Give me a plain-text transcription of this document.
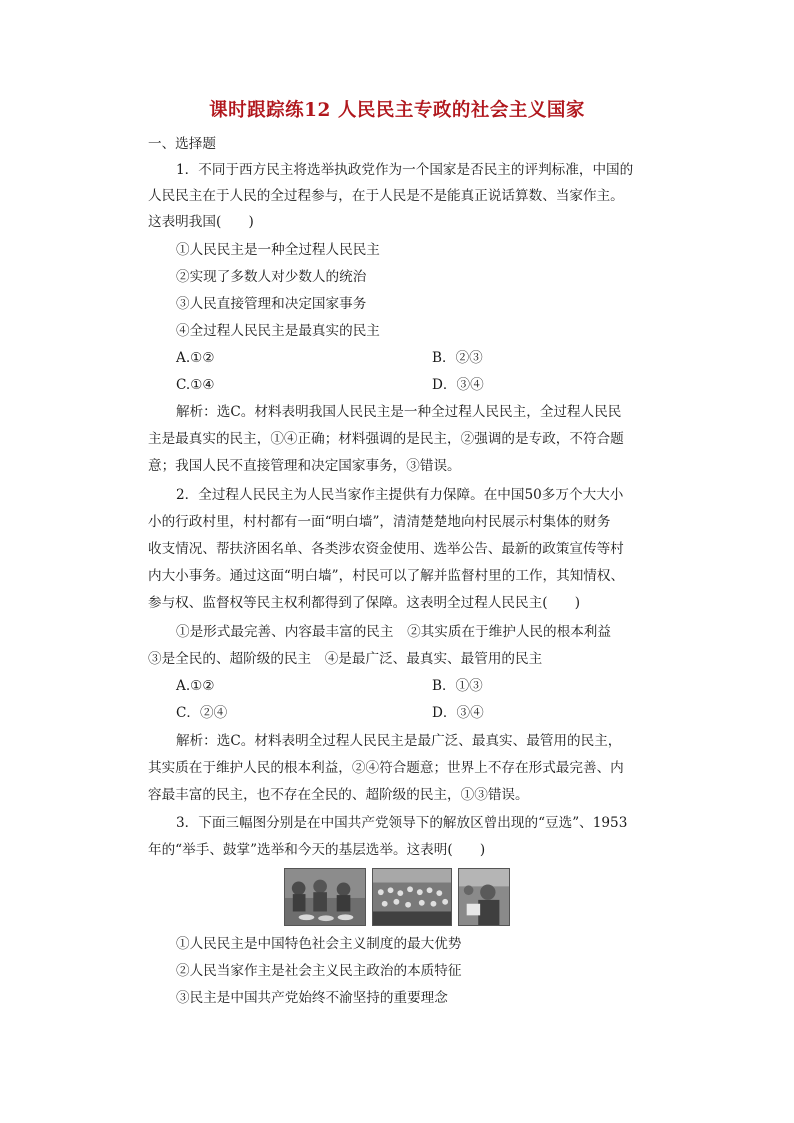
课时跟踪练12 人民民主专政的社会主义国家
一、选择题
1．不同于西方民主将选举执政党作为一个国家是否民主的评判标准，中国的
人民民主在于人民的全过程参与，在于人民是不是能真正说话算数、当家作主。
这表明我国(　　)
①人民民主是一种全过程人民民主
②实现了多数人对少数人的统治
③人民直接管理和决定国家事务
④全过程人民民主是最真实的民主
A.①②	B．②③
C.①④	D．③④
解析：选C。材料表明我国人民民主是一种全过程人民民主，全过程人民民
主是最真实的民主，①④正确；材料强调的是民主，②强调的是专政，不符合题
意；我国人民不直接管理和决定国家事务，③错误。
2．全过程人民民主为人民当家作主提供有力保障。在中国50多万个大大小
小的行政村里，村村都有一面“明白墙”，清清楚楚地向村民展示村集体的财务
收支情况、帮扶济困名单、各类涉农资金使用、选举公告、最新的政策宣传等村
内大小事务。通过这面“明白墙”，村民可以了解并监督村里的工作，其知情权、
参与权、监督权等民主权利都得到了保障。这表明全过程人民民主(　　)
①是形式最完善、内容最丰富的民主　②其实质在于维护人民的根本利益
③是全民的、超阶级的民主　④是最广泛、最真实、最管用的民主
A.①②	B．①③
C．②④	D．③④
解析：选C。材料表明全过程人民民主是最广泛、最真实、最管用的民主，
其实质在于维护人民的根本利益，②④符合题意；世界上不存在形式最完善、内
容最丰富的民主，也不存在全民的、超阶级的民主，①③错误。
3．下面三幅图分别是在中国共产党领导下的解放区曾出现的“豆选”、1953
年的“举手、鼓掌”选举和今天的基层选举。这表明(　　)
①人民民主是中国特色社会主义制度的最大优势
②人民当家作主是社会主义民主政治的本质特征
③民主是中国共产党始终不渝坚持的重要理念
